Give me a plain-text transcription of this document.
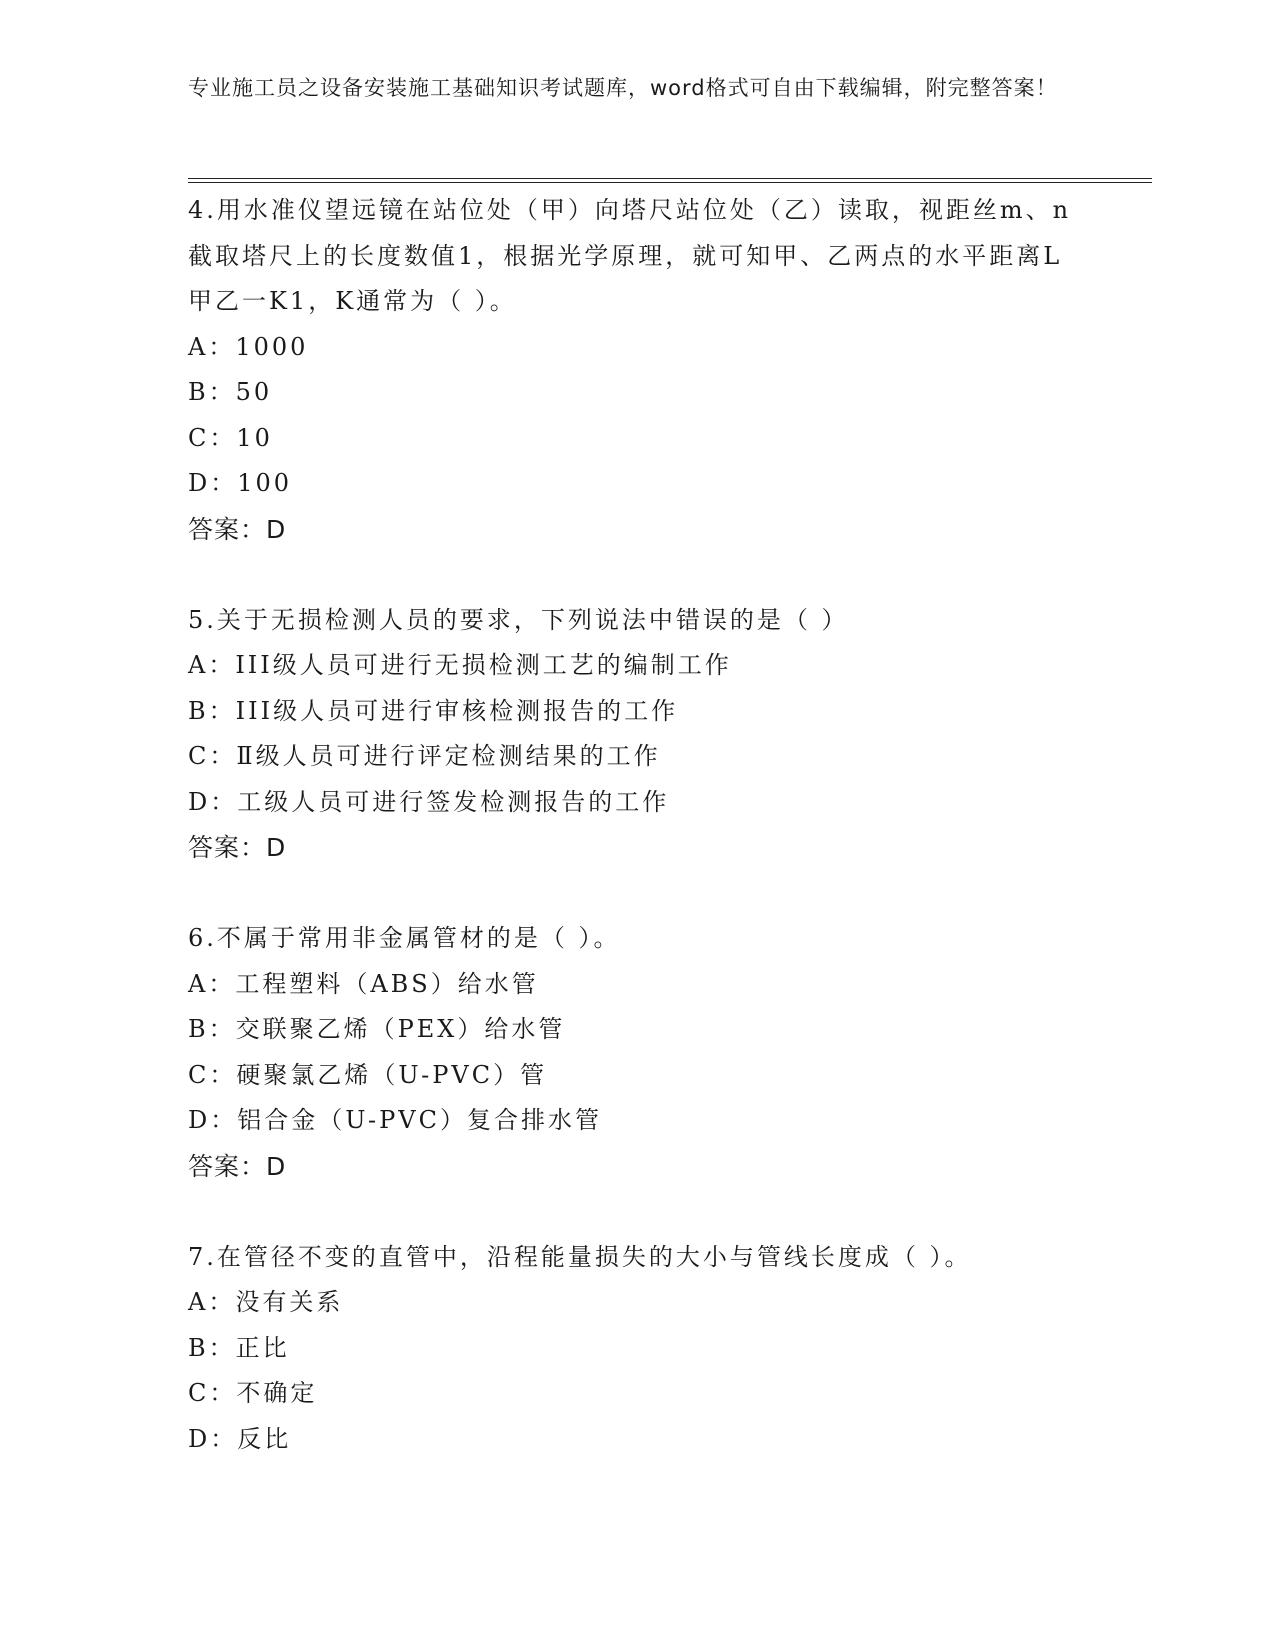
专业施工员之设备安装施工基础知识考试题库，word格式可自由下载编辑，附完整答案！
4.用水准仪望远镜在站位处（甲）向塔尺站位处（乙）读取，视距丝m、n截取塔尺上的长度数值1，根据光学原理，就可知甲、乙两点的水平距离L甲乙一K1，K通常为（ ）。
A：1000
B：50
C：10
D：100
答案：D
5.关于无损检测人员的要求，下列说法中错误的是（ ）
A：III级人员可进行无损检测工艺的编制工作
B：III级人员可进行审核检测报告的工作
C：Ⅱ级人员可进行评定检测结果的工作
D：工级人员可进行签发检测报告的工作
答案：D
6.不属于常用非金属管材的是（ ）。
A：工程塑料（ABS）给水管
B：交联聚乙烯（PEX）给水管
C：硬聚氯乙烯（U-PVC）管
D：铝合金（U-PVC）复合排水管
答案：D
7.在管径不变的直管中，沿程能量损失的大小与管线长度成（ ）。
A：没有关系
B：正比
C：不确定
D：反比
